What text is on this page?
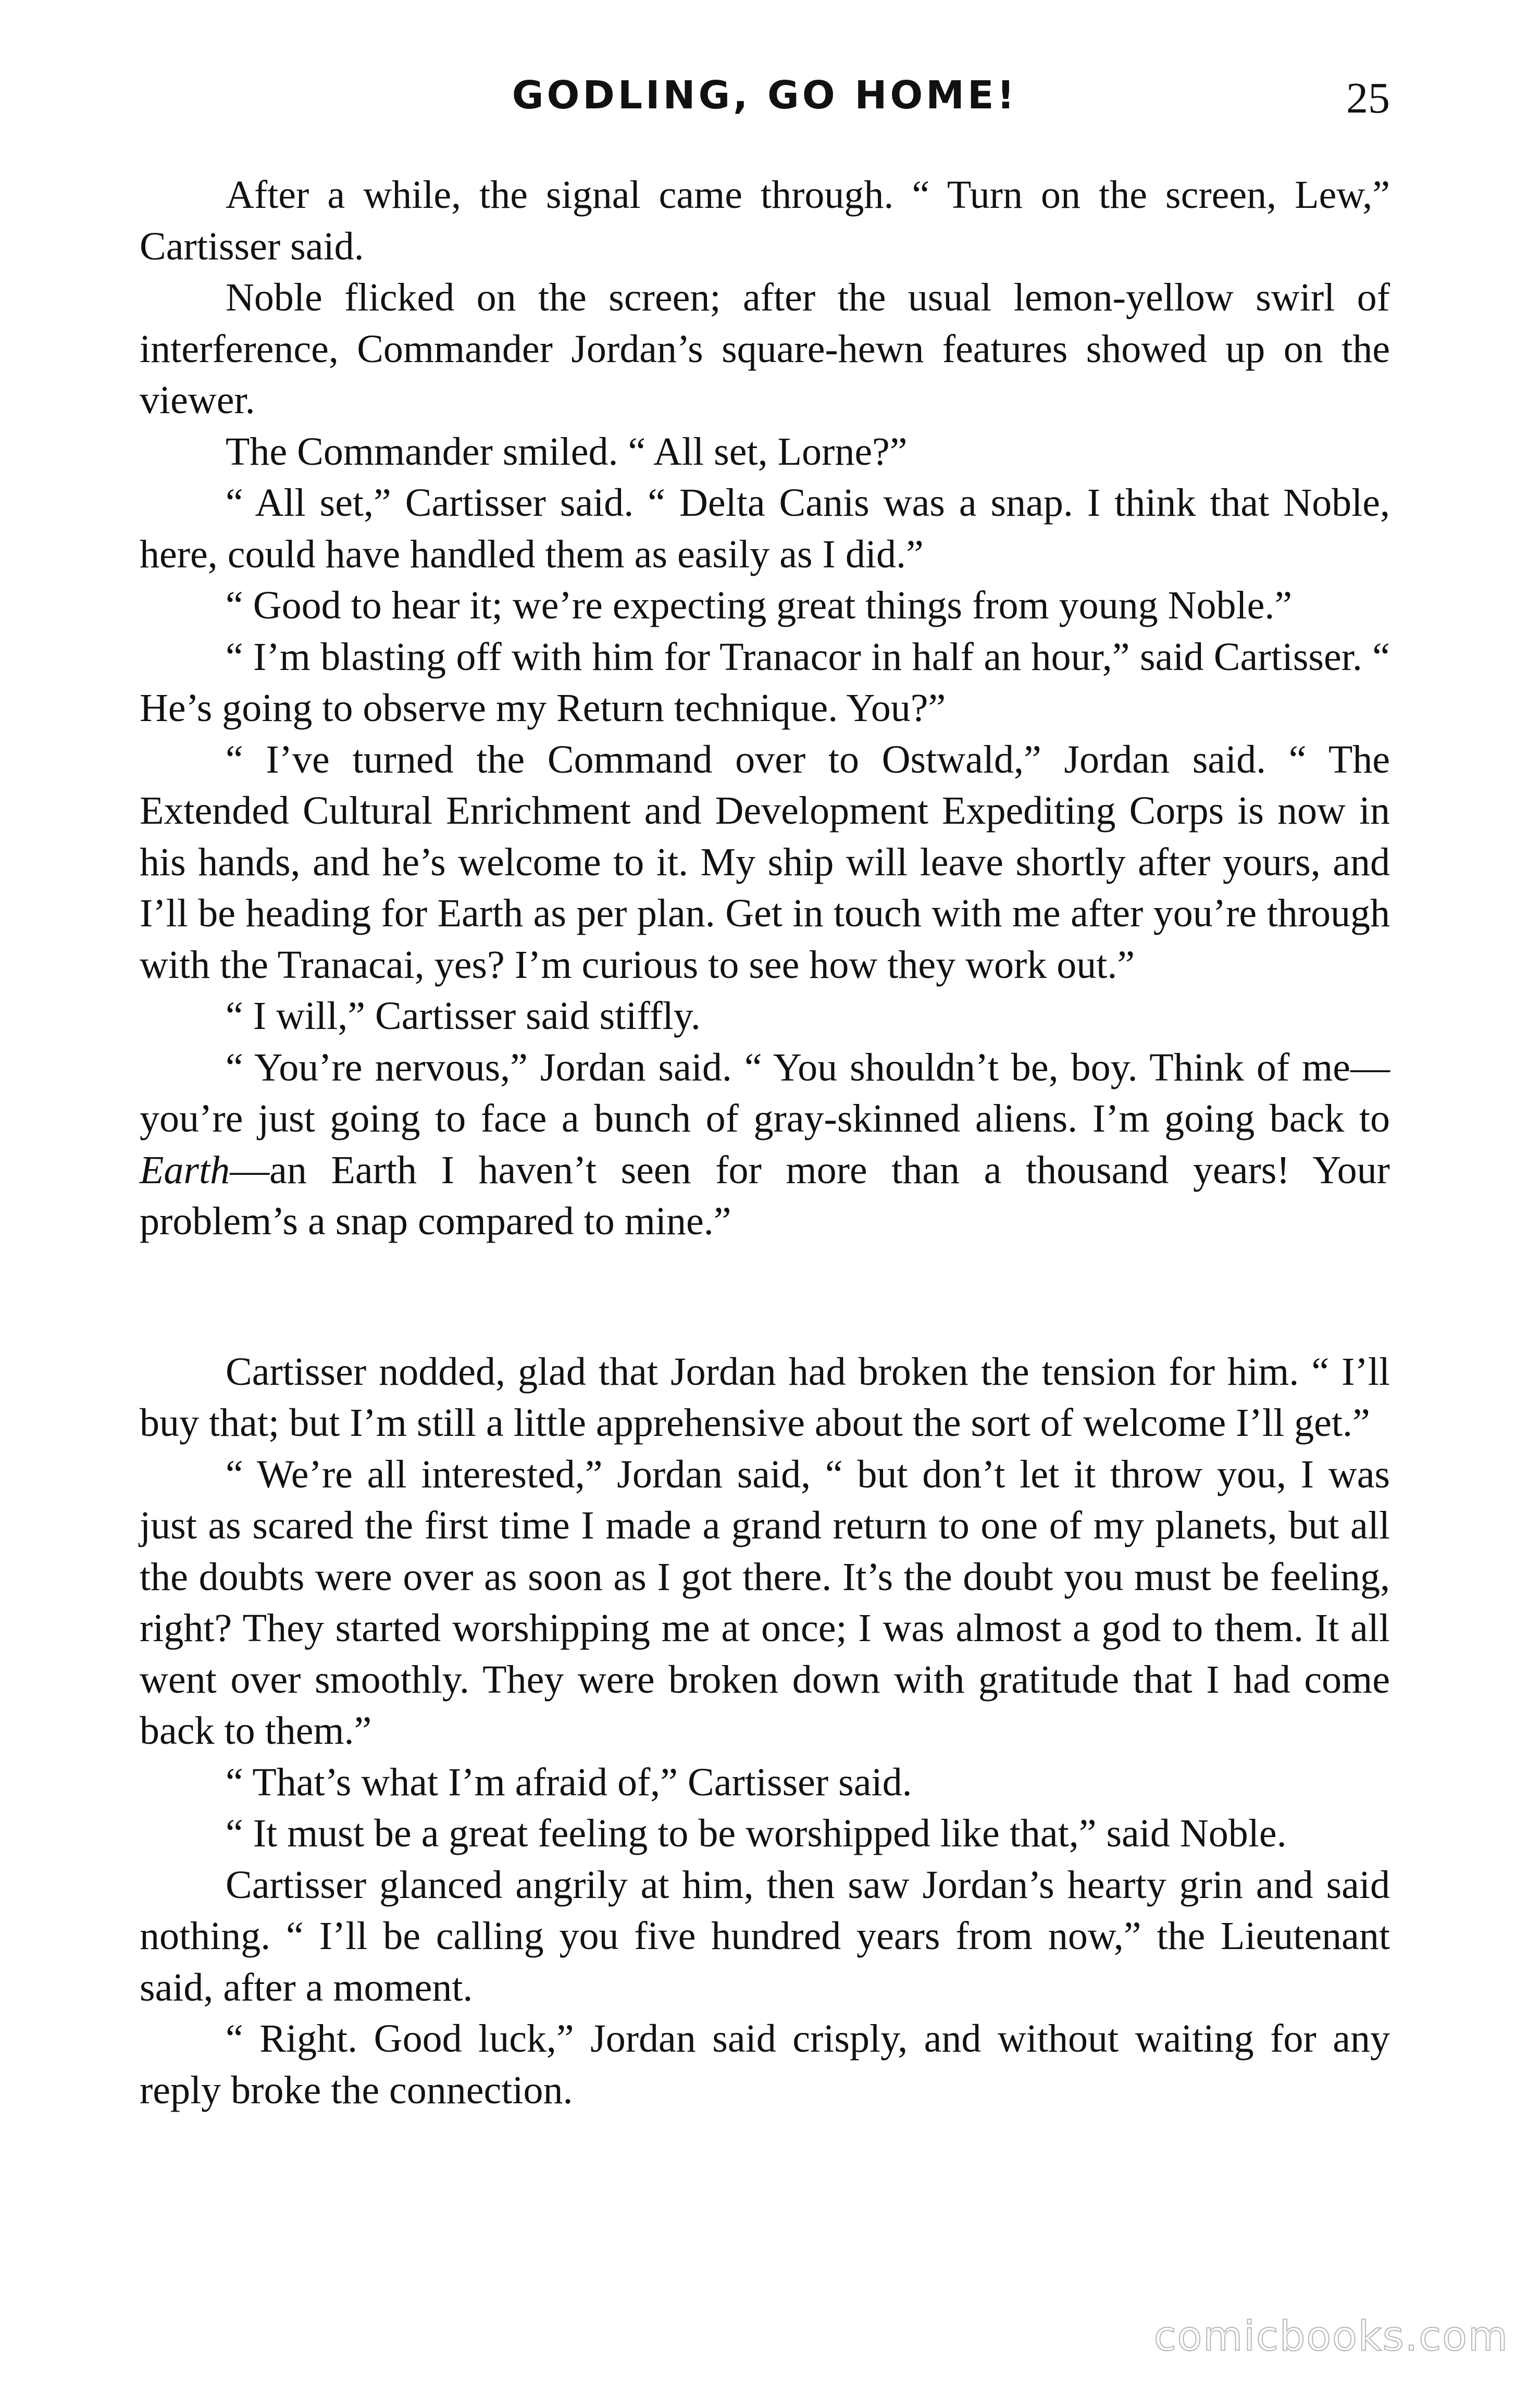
GODLING, GO HOME!	25

After a while, the signal came through. “ Turn on the screen, Lew,” Cartisser said.

Noble flicked on the screen; after the usual lemon-yellow swirl of interference, Commander Jordan’s square-hewn features showed up on the viewer.

The Commander smiled. “ All set, Lorne?”

“ All set,” Cartisser said. “ Delta Canis was a snap. I think that Noble, here, could have handled them as easily as I did.”

“ Good to hear it; we’re expecting great things from young Noble.”

“ I’m blasting off with him for Tranacor in half an hour,” said Cartisser. “ He’s going to observe my Return technique. You?”

“ I’ve turned the Command over to Ostwald,” Jordan said. “ The Extended Cultural Enrichment and Development Expediting Corps is now in his hands, and he’s welcome to it. My ship will leave shortly after yours, and I’ll be heading for Earth as per plan. Get in touch with me after you’re through with the Tranacai, yes? I’m curious to see how they work out.”

“ I will,” Cartisser said stiffly.

“ You’re nervous,” Jordan said. “ You shouldn’t be, boy. Think of me—you’re just going to face a bunch of gray-skinned aliens. I’m going back to Earth—an Earth I haven’t seen for more than a thousand years! Your problem’s a snap compared to mine.”

Cartisser nodded, glad that Jordan had broken the tension for him. “ I’ll buy that; but I’m still a little apprehensive about the sort of welcome I’ll get.”

“ We’re all interested,” Jordan said, “ but don’t let it throw you, I was just as scared the first time I made a grand return to one of my planets, but all the doubts were over as soon as I got there. It’s the doubt you must be feeling, right? They started worshipping me at once; I was almost a god to them. It all went over smoothly. They were broken down with gratitude that I had come back to them.”

“ That’s what I’m afraid of,” Cartisser said.

“ It must be a great feeling to be worshipped like that,” said Noble.

Cartisser glanced angrily at him, then saw Jordan’s hearty grin and said nothing. “ I’ll be calling you five hundred years from now,” the Lieutenant said, after a moment.

“ Right. Good luck,” Jordan said crisply, and without waiting for any reply broke the connection.

comicbooks.com
